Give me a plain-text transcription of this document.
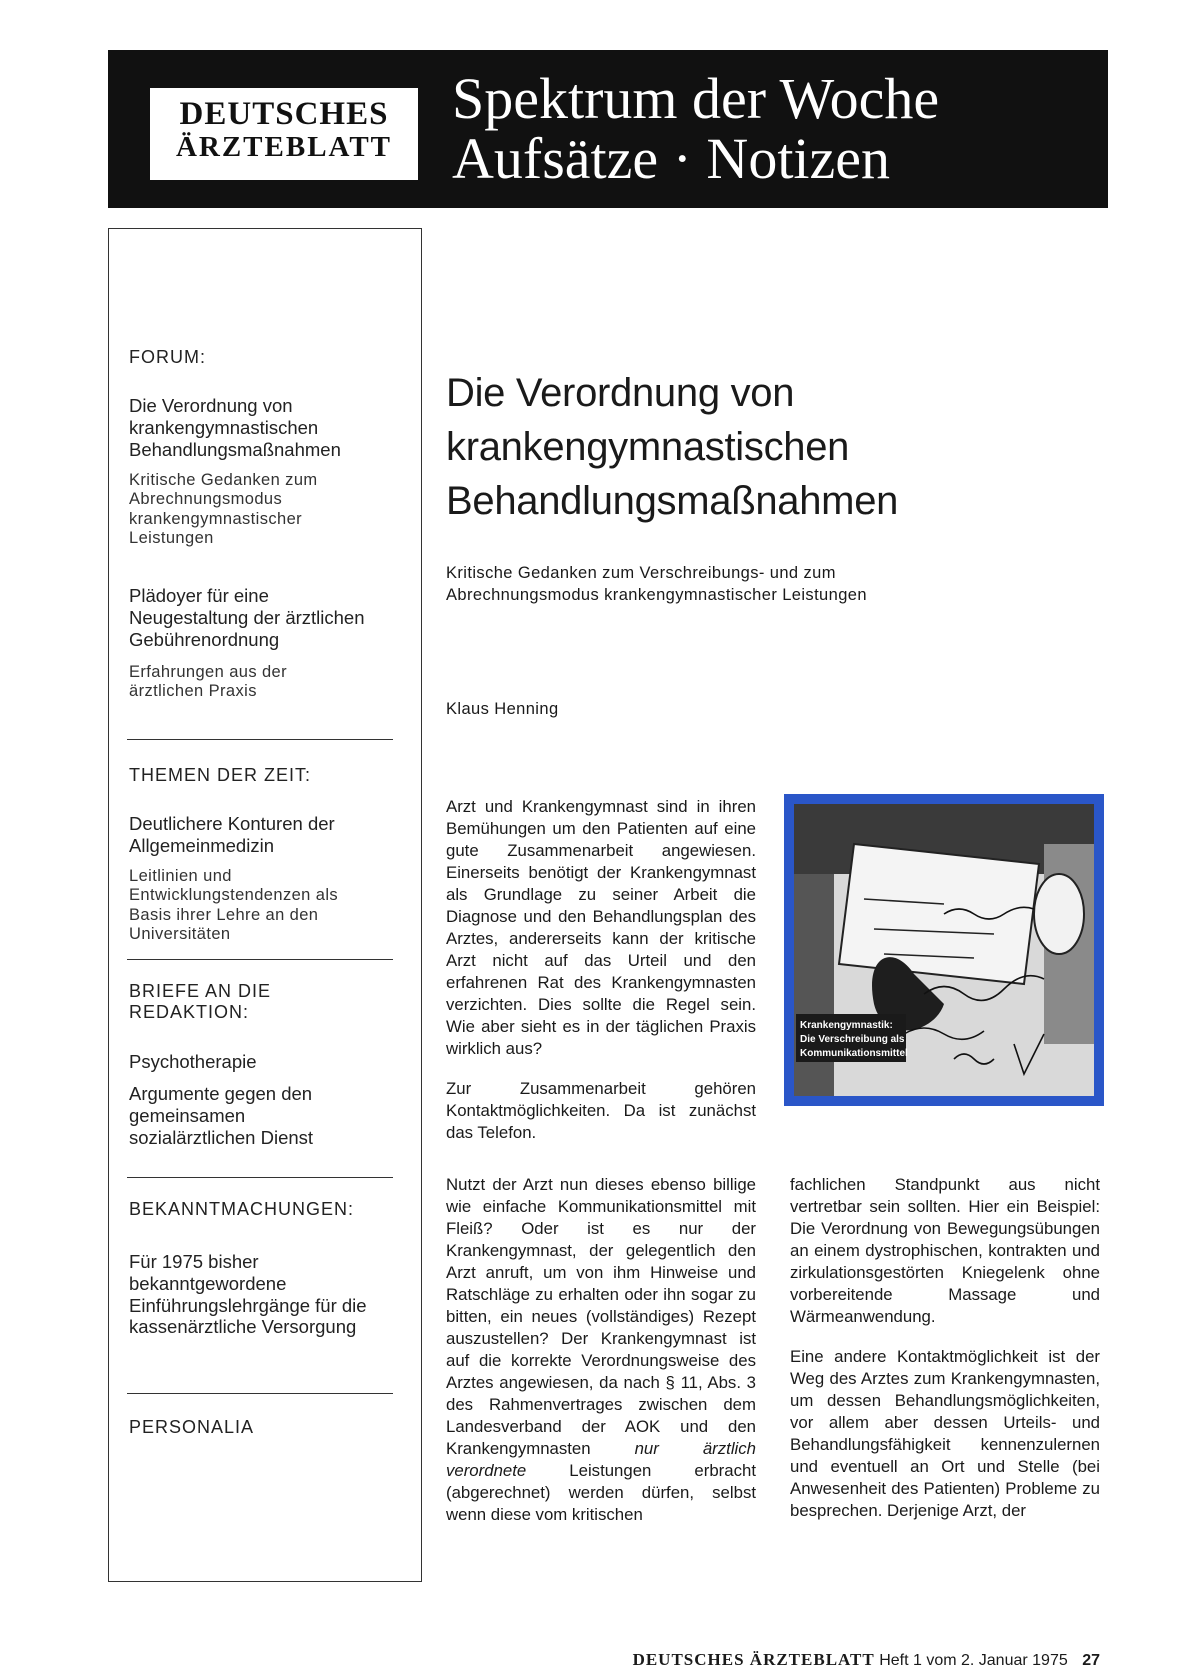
DEUTSCHES
ÄRZTEBLATT
Spektrum der Woche
Aufsätze · Notizen
FORUM:
Die Verordnung von krankengymnastischen Behandlungsmaßnahmen
Kritische Gedanken zum Abrechnungsmodus krankengymnastischer Leistungen
Plädoyer für eine Neugestaltung der ärztlichen Gebührenordnung
Erfahrungen aus der ärztlichen Praxis
THEMEN DER ZEIT:
Deutlichere Konturen der Allgemeinmedizin
Leitlinien und Entwicklungstendenzen als Basis ihrer Lehre an den Universitäten
BRIEFE AN DIE REDAKTION:
Psychotherapie
Argumente gegen den gemeinsamen sozialärztlichen Dienst
BEKANNTMACHUNGEN:
Für 1975 bisher bekanntgewordene Einführungslehrgänge für die kassenärztliche Versorgung
PERSONALIA
Die Verordnung von krankengymnastischen Behandlungsmaßnahmen
Kritische Gedanken zum Verschreibungs- und zum Abrechnungsmodus krankengymnastischer Leistungen
Klaus Henning

Arzt und Krankengymnast sind in ihren Bemühungen um den Patienten auf eine gute Zusammenarbeit angewiesen. Einerseits benötigt der Krankengymnast als Grundlage zu seiner Arbeit die Diagnose und den Behandlungsplan des Arztes, andererseits kann der kritische Arzt nicht auf das Urteil und den erfahrenen Rat des Krankengymnasten verzichten. Dies sollte die Regel sein. Wie aber sieht es in der täglichen Praxis wirklich aus?

Zur Zusammenarbeit gehören Kontaktmöglichkeiten. Da ist zunächst das Telefon.

Krankengymnastik:
Die Verschreibung als
Kommunikationsmittel

Nutzt der Arzt nun dieses ebenso billige wie einfache Kommunikationsmittel mit Fleiß? Oder ist es nur der Krankengymnast, der gelegentlich den Arzt anruft, um von ihm Hinweise und Ratschläge zu erhalten oder ihn sogar zu bitten, ein neues (vollständiges) Rezept auszustellen? Der Krankengymnast ist auf die korrekte Verordnungsweise des Arztes angewiesen, da nach § 11, Abs. 3 des Rahmenvertrages zwischen dem Landesverband der AOK und den Krankengymnasten	nur ärztlich verordnete	Leistungen erbracht (abgerechnet) werden dürfen, selbst wenn diese vom kritischen

fachlichen Standpunkt aus nicht vertretbar sein sollten. Hier ein Beispiel: Die Verordnung von Bewegungsübungen an einem dystrophischen, kontrakten und zirkulationsgestörten Kniegelenk ohne vorbereitende Massage und Wärmeanwendung.

Eine andere Kontaktmöglichkeit ist der Weg des Arztes zum Krankengymnasten, um dessen Behandlungsmöglichkeiten, vor allem aber dessen Urteils- und Behandlungsfähigkeit kennenzulernen und eventuell an Ort und Stelle (bei Anwesenheit des Patienten) Probleme zu besprechen. Derjenige Arzt, der

DEUTSCHES ÄRZTEBLATT Heft 1 vom 2. Januar 1975 27
